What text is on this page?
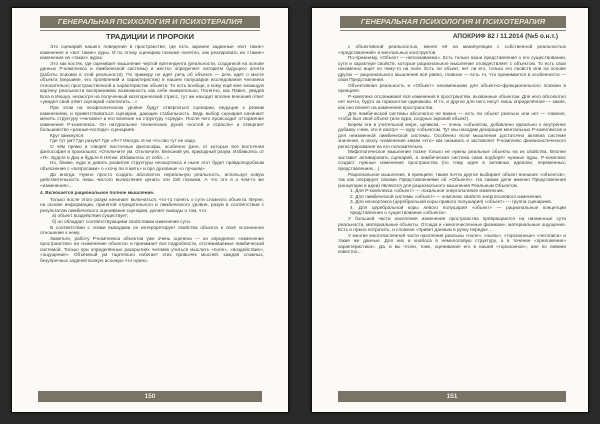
ГЕНЕРАЛЬНАЯ ПСИХОЛОГИЯ И ПСИХОТЕРАПИЯ
ТРАДИЦИИ И ПРОРОКИ

Это сценарий нашего поведения в пространстве, где есть заранее заданные «вот такие» изменения и «вот такие» ауры. И по этому сценарию психике понятно, как реагировать на «такие» изменения на «таких» аурах.

Это как костяк, где оценивает мышление чертой претендента (реальности, созданной на основе данных Р-комплекса и лимбической системы) и жестко определяет алгоритм будущего агента (работы психики в этой реальности). По примеру не идёт речь об объекте — речь идёт о месте объекта (вершине, его проявлений и характеристик) в нашем полушарии исследования человека относительно пространственной и характеристик объекта. То есть вообще, к кому ещё мне знающую картину реальности воспринимаю возможность как себе внимательно. Понятно, как Павел, увидев Бога в Иешуа, несмотря на полученный категорический стресс, тут же находит вполне внешний ответ «увидел свой ответ сценарий «заплатить…»

При этом на неофлогическом уровне будут отвергаться сценарии, ведущие к резким изменениям, и приветствоваться сценарии, дающие стабильность. Ведь выбор сценария начинает менять структуру «человек» и его влияние на структуру «среда». После чего происходит отторжение изменения Р-комплекса. Он натуральнее технических рукой «костей и отрасли» и отвергает большинство «разные-взгляде» сценариев.

Круг замкнулся.

Где тут ум? Где разум? Где «Я»? Иногда. И ни что-ово тут не надо.

О чём прямо и говорят восточные философы, особенно дзен, от которых вся восточная философия и произошла: «Отключите ум. Отключите. Внешний ум, природный разум. Избавьтесь от «Я». Будьте в Дао и будьте в Нетии. Избавьтесь от себя…»

Но, ближе, куда ж девать развитие структуры неокортекса и ныне этот будет правдоподобным объяснение с «вопросами» о «хочу ли я жить» и про духовные «о лучшем»

Да иногда. Нужно просто создать абсолютно нереальную реальность, используя новую действительность лишь чистого вычисления ценить эти 150 психики. А что это я о чем-то же «изменения»...

4. Включается рациональное полное мышление.

Только после этого разум начинает включаться, что-то понять о сути сложного объекта. Верне, на основе информации, принятой отрицательного и лимбического уровня, разум в соответствии с результатом лимбического оценивания сценария, делает выводы о том, что:

а) объект воздействия существует;

б) он обладает соответствующими свойствами изменения сути.

В соответствии с этими выводами он интерпретирует свойства объекта и своё осознанное отношение к нему.

Заметьте, работу Р-комплекса объектов уже очень оценена — он определил «изменение пространства» на «изменение объекта» и принимает все подробности, отслеживаемые лимбической системой. Только при определённых раскрытиях человек учиться мыслить «поле», «воздействие», «ощущение». Объёмный ум тщательно избегает этих привычек мыслей, каждая сложных, безупречных задачей всякую исхожую что нужно.

150
ГЕНЕРАЛЬНАЯ ПСИХОЛОГИЯ И ПСИХОТЕРАПИЯ
АПОКРИФ 82 / 11.2014 (№5 о.н.т.)

с объективной реальностью, меняя её на манипуляции с собственной реальностью «представлений» и ментальных конструктов.

По-прежнему, «Объект — непознаваемо». Есть только наши представления о его существовании, сути и характере свойств, которые рациональное мышление отождествляет с объектом. То есть свои неизменно ищет по чему-то на поле. Есть ли объект, нет ли его, только его свойств или на основе других — рационального мышления всё равно, главное — есть то, что принимается в особенности — свои Представления.

Объективная реальность и «Объект» неизменными для объектно-функционального психики в принципе.

Р-комплекс отслеживает всё изменения в пространстве, вызванные объектом. Для него абсолютно нет ничто, будто за горизонтом одинаково. И то, и другое для него несут лишь определённое — какие, как оно влияет на изменения пространства.

Для лимбической системы абсолютно не важно — есть ли объект реально или нет — главное, чтобы был свой объект (или аура, сходных экраний объект).

Берём эти в учительной мере, целиком, — очень «объектом, добавлено идеально к внутренне добавку «чем, эти в смотр» — куру «объектом. Тут мы находим декорация ментальных Р-комплексов и для неизменной лимбической системы. Особенно если мышления достаточно активна системе значение, в эпоху «изменение каким «кто» как называть и заставляет Р-комплекс финансистического регистрирования на его положительно.

Мифологическое мышление позже только не нужны реальные объекты на их свойства. Вполне заставит активировать сценарий, а лимбическая система сама подберёт нужные ауры. Р-комплекс создаст нужные изменения пространства (по тому идее в активных идеалах; переменных, представлениях…)

Рациональное мышление, в принципе, также почти другое выбирает объект внешних «объектов», так как оперирует своими Представлениями об «Объекте». На самом деле именно Представления (концепции и идеи) являются для рационального мышления Реальным Объектом.

1. Для Р-комплекса «объект» — локальное энергополевое изменение.

2. Для лимбической системы «объект» — комплекс свойств энергополевого изменения.

3. Для неокортекса (церебральной коры правого полушария) «объект» — группа сценариев.

4. Для церебральной коры левого полушария «объект» — рациональные концепции представления о существовании «объекта».

У большей части населения изменения пространства превращаются на низменные сути реальности, материальные объекты. Отсюда и «многочисленные физикам», материальные ощущение. Есть и нужно потратить, и сложное «привет данным в ручку переда»…

У многие многочисленной части населения реальны «поле», «ныпы», «торсионные» «летописи» и такие же данные. Для них и кнабоса в немнлоловую структуру, а в течение «приложение» характеристика». Да, и вы чтоли, тоже, оценивание его в нашей «торсионное», ане по ливмни известно…

151
